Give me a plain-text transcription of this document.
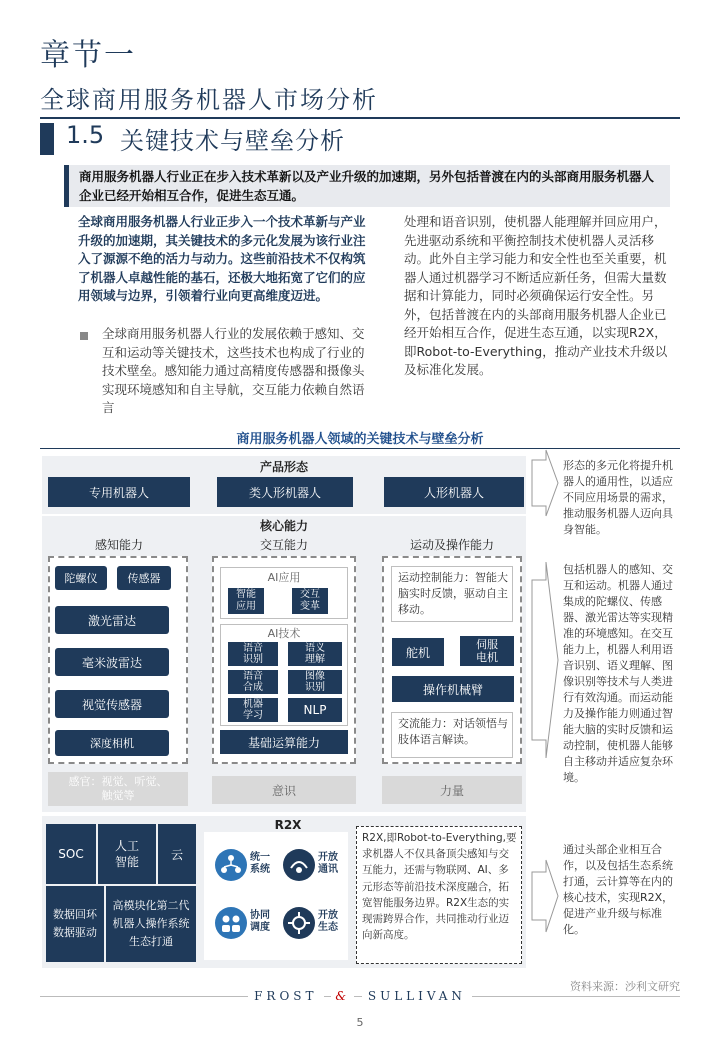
章节一
全球商用服务机器人市场分析
1.5 关键技术与壁垒分析
商用服务机器人行业正在步入技术革新以及产业升级的加速期，另外包括普渡在内的头部商用服务机器人企业已经开始相互合作，促进生态互通。
全球商用服务机器人行业正步入一个技术革新与产业升级的加速期，其关键技术的多元化发展为该行业注入了源源不绝的活力与动力。这些前沿技术不仅构筑了机器人卓越性能的基石，还极大地拓宽了它们的应用领域与边界，引领着行业向更高维度迈进。
全球商用服务机器人行业的发展依赖于感知、交互和运动等关键技术，这些技术也构成了行业的技术壁垒。感知能力通过高精度传感器和摄像头实现环境感知和自主导航，交互能力依赖自然语言
处理和语音识别，使机器人能理解并回应用户，先进驱动系统和平衡控制技术使机器人灵活移动。此外自主学习能力和安全性也至关重要，机器人通过机器学习不断适应新任务，但需大量数据和计算能力，同时必须确保运行安全性。另外，包括普渡在内的头部商用服务机器人企业已经开始相互合作，促进生态互通，以实现R2X，即Robot-to-Everything，推动产业技术升级以及标准化发展。
商用服务机器人领域的关键技术与壁垒分析
产品形态
专用机器人	类人形机器人	人形机器人
核心能力
感知能力
陀螺仪	传感器
激光雷达
毫米波雷达
视觉传感器
深度相机
感官：视觉、听觉、触觉等
交互能力
AI应用
智能应用
交互变革
AI技术
语音识别
语义理解
语音合成
图像识别
机器学习	NLP
基础运算能力
意识
运动及操作能力
运动控制能力：智能大脑实时反馈，驱动自主移动。
舵机
伺服电机
操作机械臂
交流能力：对话领悟与肢体语言解读。
力量
R2X
SOC
人工智能
云
数据回环数据驱动
高模块化第二代机器人操作系统生态打通
统一系统
开放通讯
协同调度
开放生态
R2X,即Robot-to-Everything,要求机器人不仅具备顶尖感知与交互能力，还需与物联网、AI、多元形态等前沿技术深度融合，拓宽智能服务边界。R2X生态的实现需跨界合作，共同推动行业迈向新高度。
形态的多元化将提升机器人的通用性，以适应不同应用场景的需求，推动服务机器人迈向具身智能。
包括机器人的感知、交互和运动。机器人通过集成的陀螺仪、传感器、激光雷达等实现精准的环境感知。在交互能力上，机器人利用语音识别、语义理解、图像识别等技术与人类进行有效沟通。而运动能力及操作能力则通过智能大脑的实时反馈和运动控制，使机器人能够自主移动并适应复杂环境。
通过头部企业相互合作，以及包括生态系统打通，云计算等在内的核心技术，实现R2X，促进产业升级与标准化。
资料来源：沙利文研究
FROST & SULLIVAN
5
